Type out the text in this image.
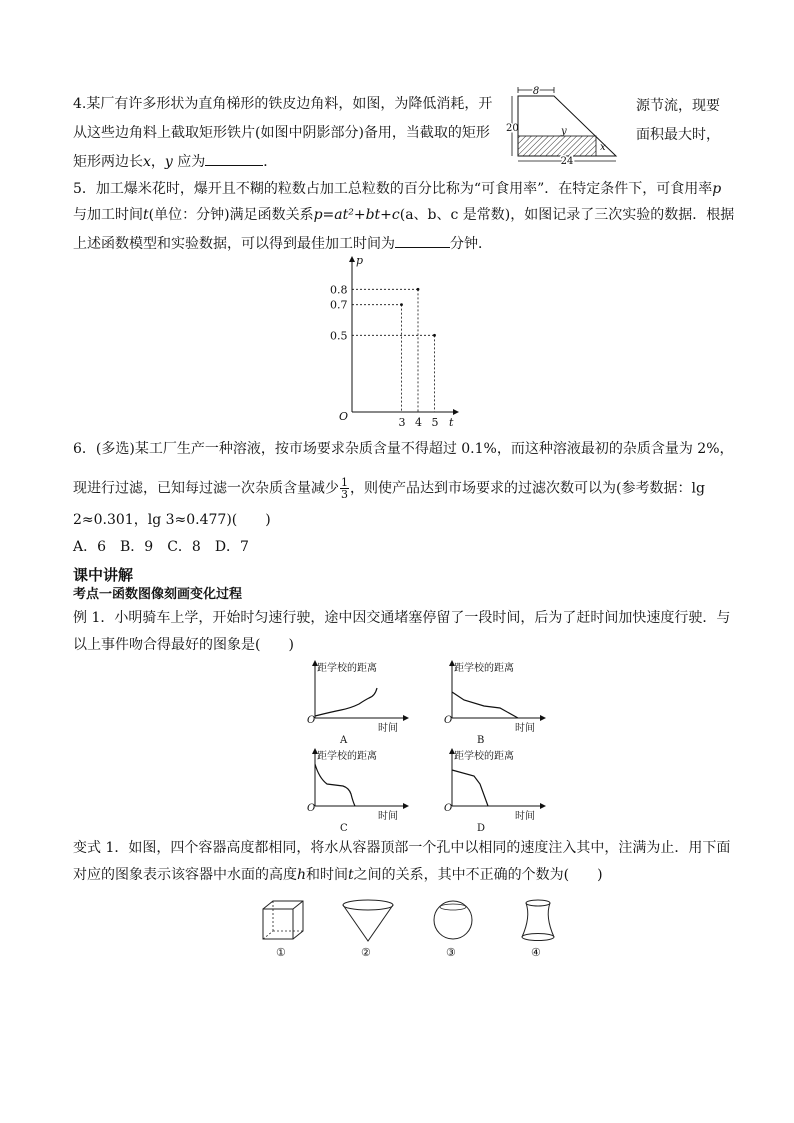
4.某厂有许多形状为直角梯形的铁皮边角料，如图，为降低消耗，开	源节流，现要
从这些边角料上截取矩形铁片(如图中阴影部分)备用，当截取的矩形	面积最大时，
矩形两边长x，y 应为	．
8
20	y
x
24
5．加工爆米花时，爆开且不糊的粒数占加工总粒数的百分比称为“可食用率”．在特定条件下，可食用率p
与加工时间t(单位：分钟)满足函数关系p=at²+bt+c(a、b、c 是常数)，如图记录了三次实验的数据．根据
上述函数模型和实验数据，可以得到最佳加工时间为	分钟．
p
t
O	3 4 5
0.8
0.7
0.5
6．(多选)某工厂生产一种溶液，按市场要求杂质含量不得超过 0.1%，而这种溶液最初的杂质含量为 2%，
现进行过滤，已知每过滤一次杂质含量减少 $\frac{1}{3}$ ，则使产品达到市场要求的过滤次数可以为(参考数据：lg
2≈0.301，lg 3≈0.477)(　　)
A．6　B．9　C．8　D．7
课中讲解
考点一函数图像刻画变化过程
例 1．小明骑车上学，开始时匀速行驶，途中因交通堵塞停留了一段时间，后为了赶时间加快速度行驶．与
以上事件吻合得最好的图象是(　　)
距学校的距离
O
时间
A
距学校的距离
O
时间
B
距学校的距离
O
时间
C
距学校的距离
O
时间
D
变式 1．如图，四个容器高度都相同，将水从容器顶部一个孔中以相同的速度注入其中，注满为止．用下面
对应的图象表示该容器中水面的高度h和时间t之间的关系，其中不正确的个数为(　　)
①	②	③	④
